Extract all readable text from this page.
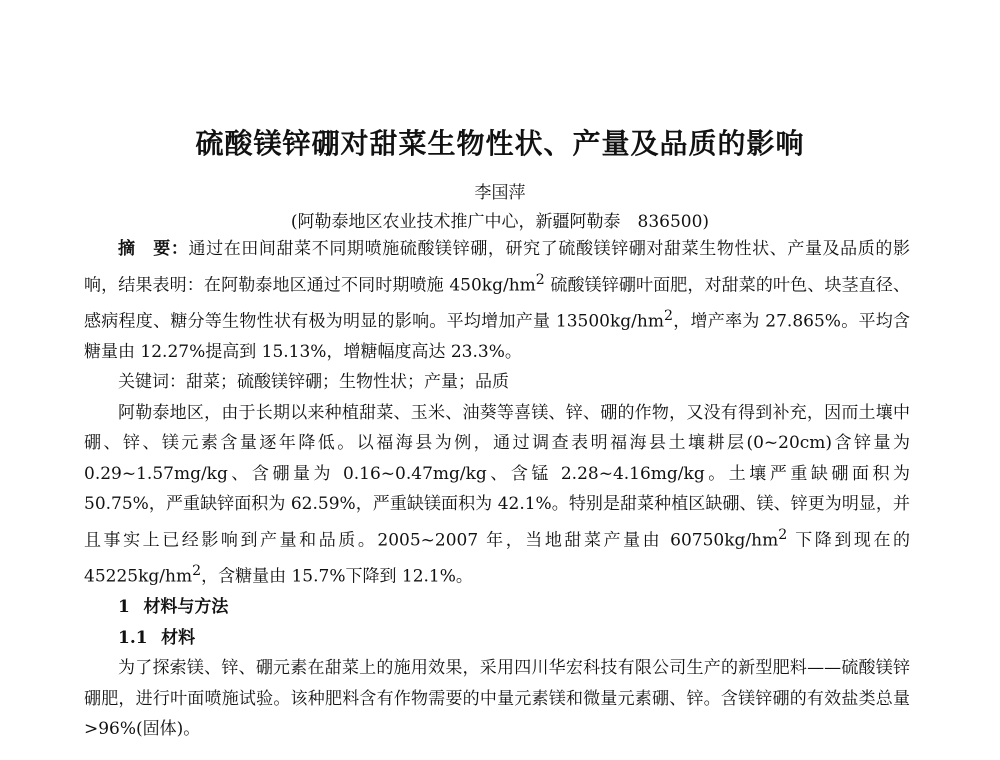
硫酸镁锌硼对甜菜生物性状、产量及品质的影响
李国萍
(阿勒泰地区农业技术推广中心，新疆阿勒泰　836500)

摘　要：通过在田间甜菜不同期喷施硫酸镁锌硼，研究了硫酸镁锌硼对甜菜生物性状、产量及品质的影响，结果表明：在阿勒泰地区通过不同时期喷施 $450kg/hm^2$ 硫酸镁锌硼叶面肥，对甜菜的叶色、块茎直径、感病程度、糖分等生物性状有极为明显的影响。平均增加产量 $13500kg/hm^2$，增产率为 27.865%。平均含糖量由 12.27%提高到 15.13%，增糖幅度高达 23.3%。

关键词：甜菜；硫酸镁锌硼；生物性状；产量；品质

阿勒泰地区，由于长期以来种植甜菜、玉米、油葵等喜镁、锌、硼的作物，又没有得到补充，因而土壤中硼、锌、镁元素含量逐年降低。以福海县为例，通过调查表明福海县土壤耕层(0~20cm)含锌量为 0.29~1.57mg/kg、含硼量为 0.16~0.47mg/kg、含锰 2.28~4.16mg/kg。土壤严重缺硼面积为 50.75%，严重缺锌面积为 62.59%，严重缺镁面积为 42.1%。特别是甜菜种植区缺硼、镁、锌更为明显，并且事实上已经影响到产量和品质。2005~2007 年，当地甜菜产量由 $60750kg/hm^2$ 下降到现在的 $45225kg/hm^2$，含糖量由 15.7%下降到 12.1%。

1 材料与方法
1.1 材料

为了探索镁、锌、硼元素在甜菜上的施用效果，采用四川华宏科技有限公司生产的新型肥料——硫酸镁锌硼肥，进行叶面喷施试验。该种肥料含有作物需要的中量元素镁和微量元素硼、锌。含镁锌硼的有效盐类总量>96%(固体)。
